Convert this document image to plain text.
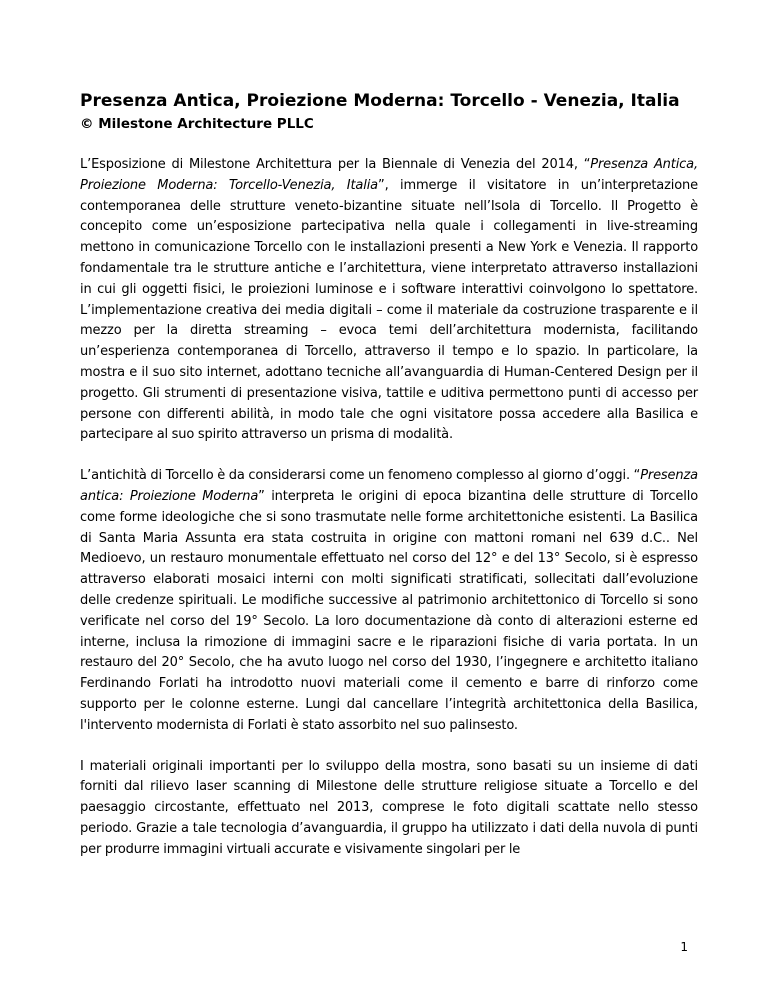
Presenza Antica, Proiezione Moderna: Torcello - Venezia, Italia
© Milestone Architecture PLLC

L’Esposizione di Milestone Architettura per la Biennale di Venezia del 2014, “Presenza Antica, Proiezione Moderna: Torcello-Venezia, Italia”, immerge il visitatore in un’interpretazione contemporanea delle strutture veneto-bizantine situate nell’Isola di Torcello. Il Progetto è concepito come un’esposizione partecipativa nella quale i collegamenti in live-streaming mettono in comunicazione Torcello con le installazioni presenti a New York e Venezia. Il rapporto fondamentale tra le strutture antiche e l’architettura, viene interpretato attraverso installazioni in cui gli oggetti fisici, le proiezioni luminose e i software interattivi coinvolgono lo spettatore. L’implementazione creativa dei media digitali – come il materiale da costruzione trasparente e il mezzo per la diretta streaming – evoca temi dell’architettura modernista, facilitando un’esperienza contemporanea di Torcello, attraverso il tempo e lo spazio. In particolare, la mostra e il suo sito internet, adottano tecniche all’avanguardia di Human-Centered Design per il progetto. Gli strumenti di presentazione visiva, tattile e uditiva permettono punti di accesso per persone con differenti abilità, in modo tale che ogni visitatore possa accedere alla Basilica e partecipare al suo spirito attraverso un prisma di modalità.

L’antichità di Torcello è da considerarsi come un fenomeno complesso al giorno d’oggi. “Presenza antica: Proiezione Moderna” interpreta le origini di epoca bizantina delle strutture di Torcello come forme ideologiche che si sono trasmutate nelle forme architettoniche esistenti. La Basilica di Santa Maria Assunta era stata costruita in origine con mattoni romani nel 639 d.C.. Nel Medioevo, un restauro monumentale effettuato nel corso del 12° e del 13° Secolo, si è espresso attraverso elaborati mosaici interni con molti significati stratificati, sollecitati dall’evoluzione delle credenze spirituali. Le modifiche successive al patrimonio architettonico di Torcello si sono verificate nel corso del 19° Secolo. La loro documentazione dà conto di alterazioni esterne ed interne, inclusa la rimozione di immagini sacre e le riparazioni fisiche di varia portata. In un restauro del 20° Secolo, che ha avuto luogo nel corso del 1930, l’ingegnere e architetto italiano Ferdinando Forlati ha introdotto nuovi materiali come il cemento e barre di rinforzo come supporto per le colonne esterne. Lungi dal cancellare l’integrità architettonica della Basilica, l'intervento modernista di Forlati è stato assorbito nel suo palinsesto.

I materiali originali importanti per lo sviluppo della mostra, sono basati su un insieme di dati forniti dal rilievo laser scanning di Milestone delle strutture religiose situate a Torcello e del paesaggio circostante, effettuato nel 2013, comprese le foto digitali scattate nello stesso periodo. Grazie a tale tecnologia d’avanguardia, il gruppo ha utilizzato i dati della nuvola di punti per produrre immagini virtuali accurate e visivamente singolari per le

1
